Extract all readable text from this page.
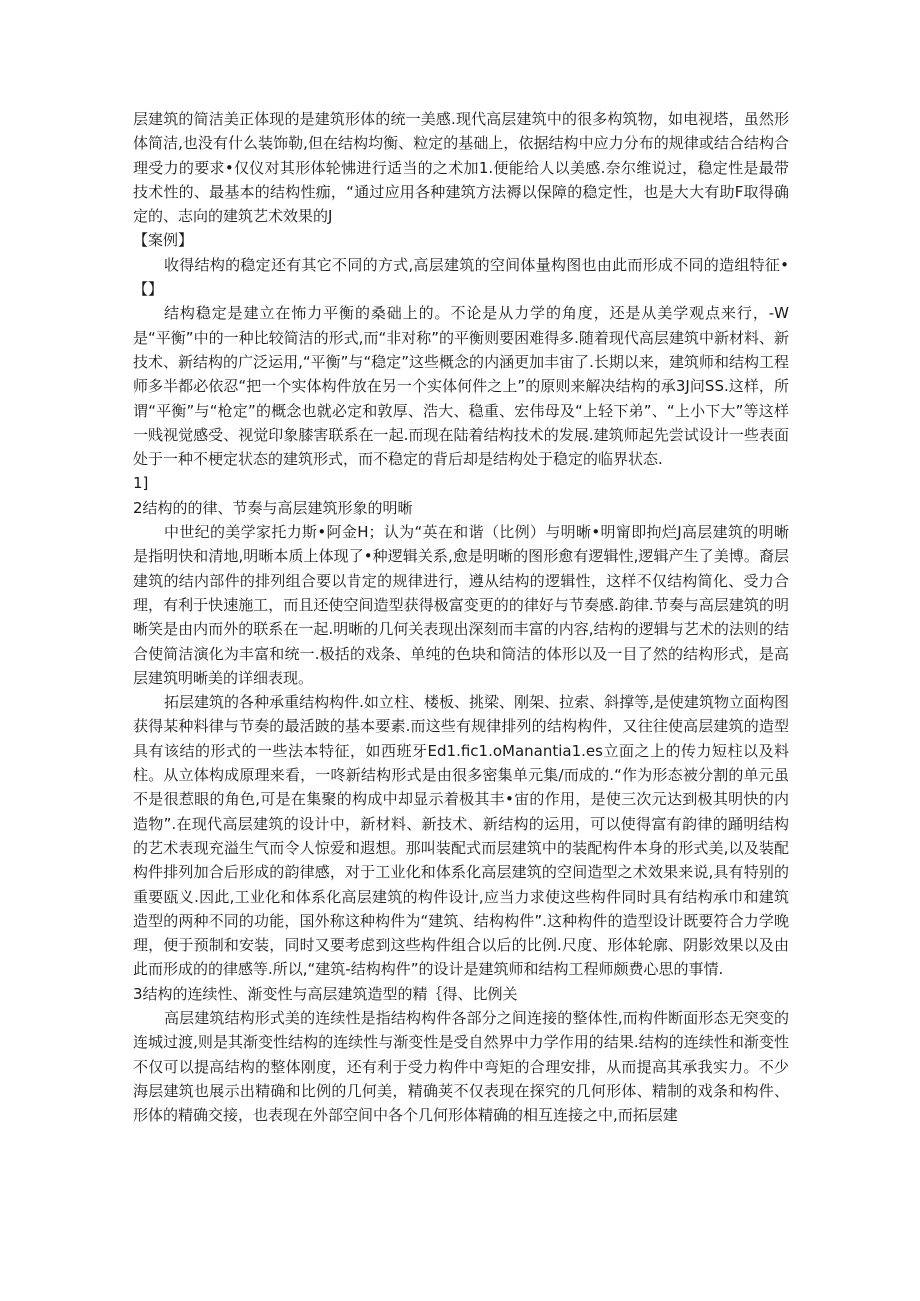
层建筑的简洁美正体现的是建筑形体的统一美感.现代高层建筑中的很多构筑物，如电视塔，虽然形体简洁,也没有什么装饰勒,但在结构均衡、粒定的基础上，依据结构中应力分布的规律或结合结构合理受力的要求•仅仪对其形体轮怫进行适当的之术加1.便能给人以美感.奈尔维说过，稳定性是最带技术性的、最基本的结构性痂，“通过应用各种建筑方法褥以保障的稳定性，也是大大有助F取得确定的、志向的建筑艺术效果的J

【案例】

收得结构的稳定还有其它不同的方式,高层建筑的空间体量构图也由此而形成不同的造组特征•【】

结构稳定是建立在怖力平衡的桑础上的。不论是从力学的角度，还是从美学观点来行，-W是“平衡”中的一种比较简洁的形式,而“非对称”的平衡则要困难得多.随着现代高层建筑中新材料、新技术、新结构的广泛运用,“平衡”与“稳定”这些概念的内涵更加丰宙了.长期以来，建筑师和结构工程师多半都必依忍“把一个实体构件放在另一个实体何件之上”的原则来解决结构的承3J问SS.这样，所谓“平衡”与“枪定”的概念也就必定和敦厚、浩大、稳重、宏伟母及“上轻下弟”、“上小下大”等这样一贱视觉感受、视觉印象膝害联系在一起.而现在陆着结构技术的发展.建筑师起先尝试设计一些表面处于一种不梗定状态的建筑形式，而不稳定的背后却是结构处于稳定的临界状态.

1]

2结构的的律、节奏与高层建筑形象的明晰

中世纪的美学家托力斯•阿金H；认为“英在和谐（比例）与明晰•明甯即拘烂J高层建筑的明晰是指明快和清地,明晰本质上体现了•种逻辑关系,愈是明晰的图形愈有逻辑性,逻辑产生了美博。裔层建筑的结内部件的排列组合要以肯定的规律进行，遵从结构的逻辑性，这样不仅结构简化、受力合理，有利于快速施工，而且还使空间造型获得极富变更的的律好与节奏感.韵律.节奏与高层建筑的明晰笑是由内而外的联系在一起.明晰的几何关表现出深刻而丰富的内容,结构的逻辑与艺术的法则的结合使简洁演化为丰富和统一.极括的戏条、单纯的色块和筒洁的体形以及一目了然的结构形式，是高层建筑明晰美的详细表现。

拓层建筑的各种承重结构构件.如立柱、楼板、挑梁、刚架、拉索、斜撑等,是使建筑物立面构图获得某种料律与节奏的最活跛的基本要素.而这些有规律排列的结构构件，又往往使高层建筑的造型具有该结的形式的一些法本特征，如西班牙Ed1.fic1.oManantia1.es立面之上的传力短柱以及料柱。从立体构成原理来看，一咚新结构形式是由很多密集单元集/而成的.“作为形态被分割的单元虽不是很惹眼的角色,可是在集聚的构成中却显示着极其丰•宙的作用，是使三次元达到极其明快的内造物”.在现代高层建筑的设计中，新材料、新技术、新结构的运用，可以使得富有韵律的踊明结构的艺术表现充溢生气而令人惊爱和遐想。那叫装配式而层建筑中的装配构件本身的形式美,以及装配构件排列加合后形成的韵律感，对于工业化和体系化高层建筑的空间造型之术效果来说,具有特别的重要瓯义.因此,工业化和体系化高层建筑的构件设计,应当力求使这些构件同时具有结构承巾和建筑造型的两种不同的功能，国外称这种构件为“建筑、结构构件”.这种构件的造型设计既要符合力学晚理，便于预制和安装，同时又要考虑到这些构件组合以后的比例.尺度、形体轮廓、阴影效果以及由此而形成的的律感等.所以,“建筑-结构构件”的设计是建筑师和结构工程师颇费心思的事情.

3结构的连续性、渐变性与高层建筑造型的精｛得、比例关

高层建筑结构形式美的连续性是指结构构件各部分之间连接的整体性,而构件断面形态无突变的连城过渡,则是其渐变性结构的连续性与渐变性是受自然界中力学作用的结果.结构的连续性和渐变性不仅可以提高结构的整体刚度，还有利于受力构件中弯矩的合理安排，从而提高其承我实力。不少海层建筑也展示出精确和比例的几何美，精确荚不仅表现在探究的几何形体、精制的戏条和构件、形体的精确交接，也表现在外部空间中各个几何形体精确的相互连接之中,而拓层建
